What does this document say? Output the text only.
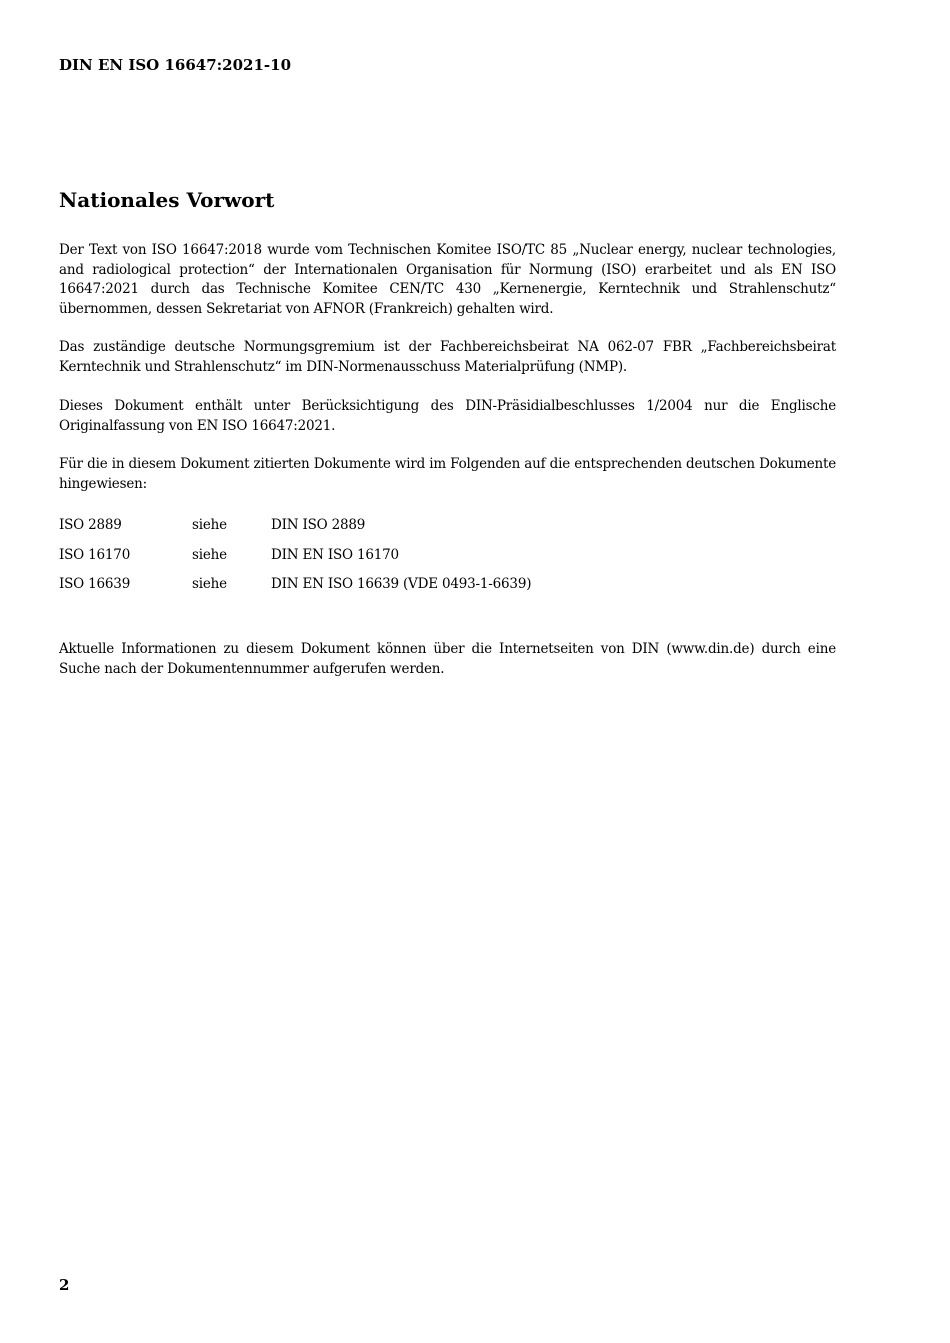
DIN EN ISO 16647:2021-10
Nationales Vorwort

Der Text von ISO 16647:2018 wurde vom Technischen Komitee ISO/TC 85 „Nuclear energy, nuclear technologies, and radiological protection“ der Internationalen Organisation für Normung (ISO) erarbeitet und als EN ISO 16647:2021 durch das Technische Komitee CEN/TC 430 „Kernenergie, Kerntechnik und Strahlenschutz“ übernommen, dessen Sekretariat von AFNOR (Frankreich) gehalten wird.

Das zuständige deutsche Normungsgremium ist der Fachbereichsbeirat NA 062-07 FBR „Fachbereichsbeirat Kerntechnik und Strahlenschutz“ im DIN-Normenausschuss Materialprüfung (NMP).

Dieses Dokument enthält unter Berücksichtigung des DIN-Präsidialbeschlusses 1/2004 nur die Englische Originalfassung von EN ISO 16647:2021.

Für die in diesem Dokument zitierten Dokumente wird im Folgenden auf die entsprechenden deutschen Dokumente hingewiesen:

ISO 2889	siehe	DIN ISO 2889
ISO 16170	siehe	DIN EN ISO 16170
ISO 16639	siehe	DIN EN ISO 16639 (VDE 0493-1-6639)

Aktuelle Informationen zu diesem Dokument können über die Internetseiten von DIN (www.din.de) durch eine Suche nach der Dokumentennummer aufgerufen werden.

2
